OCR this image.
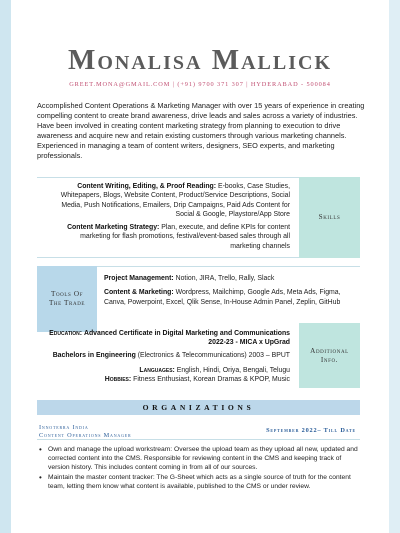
Monalisa Mallick
GREET.MONA@GMAIL.COM | (+91) 9700 371 307 | HYDERABAD - 500084

Accomplished Content Operations & Marketing Manager with over 15 years of experience in creating compelling content to create brand awareness, drive leads and sales across a variety of industries. Have been involved in creating content marketing strategy from planning to execution to drive awareness and acquire new and retain existing customers through various marketing channels. Experienced in managing a team of content writers, designers, SEO experts, and marketing professionals.

Content Writing, Editing, & Proof Reading: E-books, Case Studies, Whitepapers, Blogs, Website Content, Product/Service Descriptions, Social Media, Push Notifications, Emailers, Drip Campaigns, Paid Ads Content for Social & Google, Playstore/App Store

Content Marketing Strategy: Plan, execute, and define KPIs for content marketing for flash promotions, festival/event-based sales through all marketing channels

Skills
Tools Of The Trade

Project Management: Notion, JIRA, Trello, Rally, Slack

Content & Marketing: Wordpress, Mailchimp, Google Ads, Meta Ads, Figma, Canva, Powerpoint, Excel, Qlik Sense, In-House Admin Panel, Zeplin, GitHub

Education: Advanced Certificate in Digital Marketing and Communications 2022-23 - MICA x UpGrad

Bachelors in Engineering (Electronics & Telecommunications) 2003 – BPUT

Languages: English, Hindi, Oriya, Bengali, Telugu

Hobbies: Fitness Enthusiast, Korean Dramas & KPOP, Music

Additional Info.
ORGANIZATIONS
Innoterra India
Content Operations Manager
September 2022– Till Date
• Own and manage the upload workstream: Oversee the upload team as they upload all new, updated and corrected content into the CMS. Responsible for reviewing content in the CMS and keeping track of version history. This includes content coming in from all of our sources.
• Maintain the master content tracker: The G-Sheet which acts as a single source of truth for the content team, letting them know what content is available, published to the CMS or under review.
